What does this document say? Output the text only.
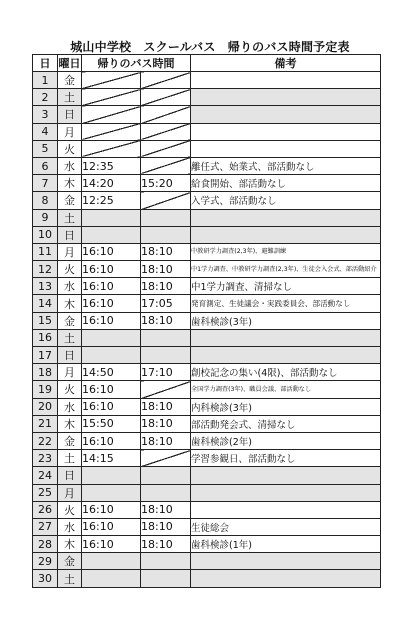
城山中学校　スクールバス　帰りのバス時間予定表
日	曜日	帰りのバス時間		備考
1	金			
2	土			
3	日			
4	月			
5	火			
6	水	12:35		離任式、始業式、部活動なし
7	木	14:20	15:20	給食開始、部活動なし
8	金	12:25		入学式、部活動なし
9	土			
10	日			
11	月	16:10	18:10	中教研学力調査(2,3年)、避難訓練
12	火	16:10	18:10	中1学力調査、中教研学力調査(2,3年)、生徒会入会式、部活動紹介
13	水	16:10	18:10	中1学力調査、清掃なし
14	木	16:10	17:05	発育測定、生徒議会・実践委員会、部活動なし
15	金	16:10	18:10	歯科検診(3年)
16	土			
17	日			
18	月	14:50	17:10	創校記念の集い(4限)、部活動なし
19	火	16:10		全国学力調査(3年)、職員会議、部活動なし
20	水	16:10	18:10	内科検診(3年)
21	木	15:50	18:10	部活動発会式、清掃なし
22	金	16:10	18:10	歯科検診(2年)
23	土	14:15		学習参観日、部活動なし
24	日			
25	月			
26	火	16:10	18:10	
27	水	16:10	18:10	生徒総会
28	木	16:10	18:10	歯科検診(1年)
29	金			
30	土			
